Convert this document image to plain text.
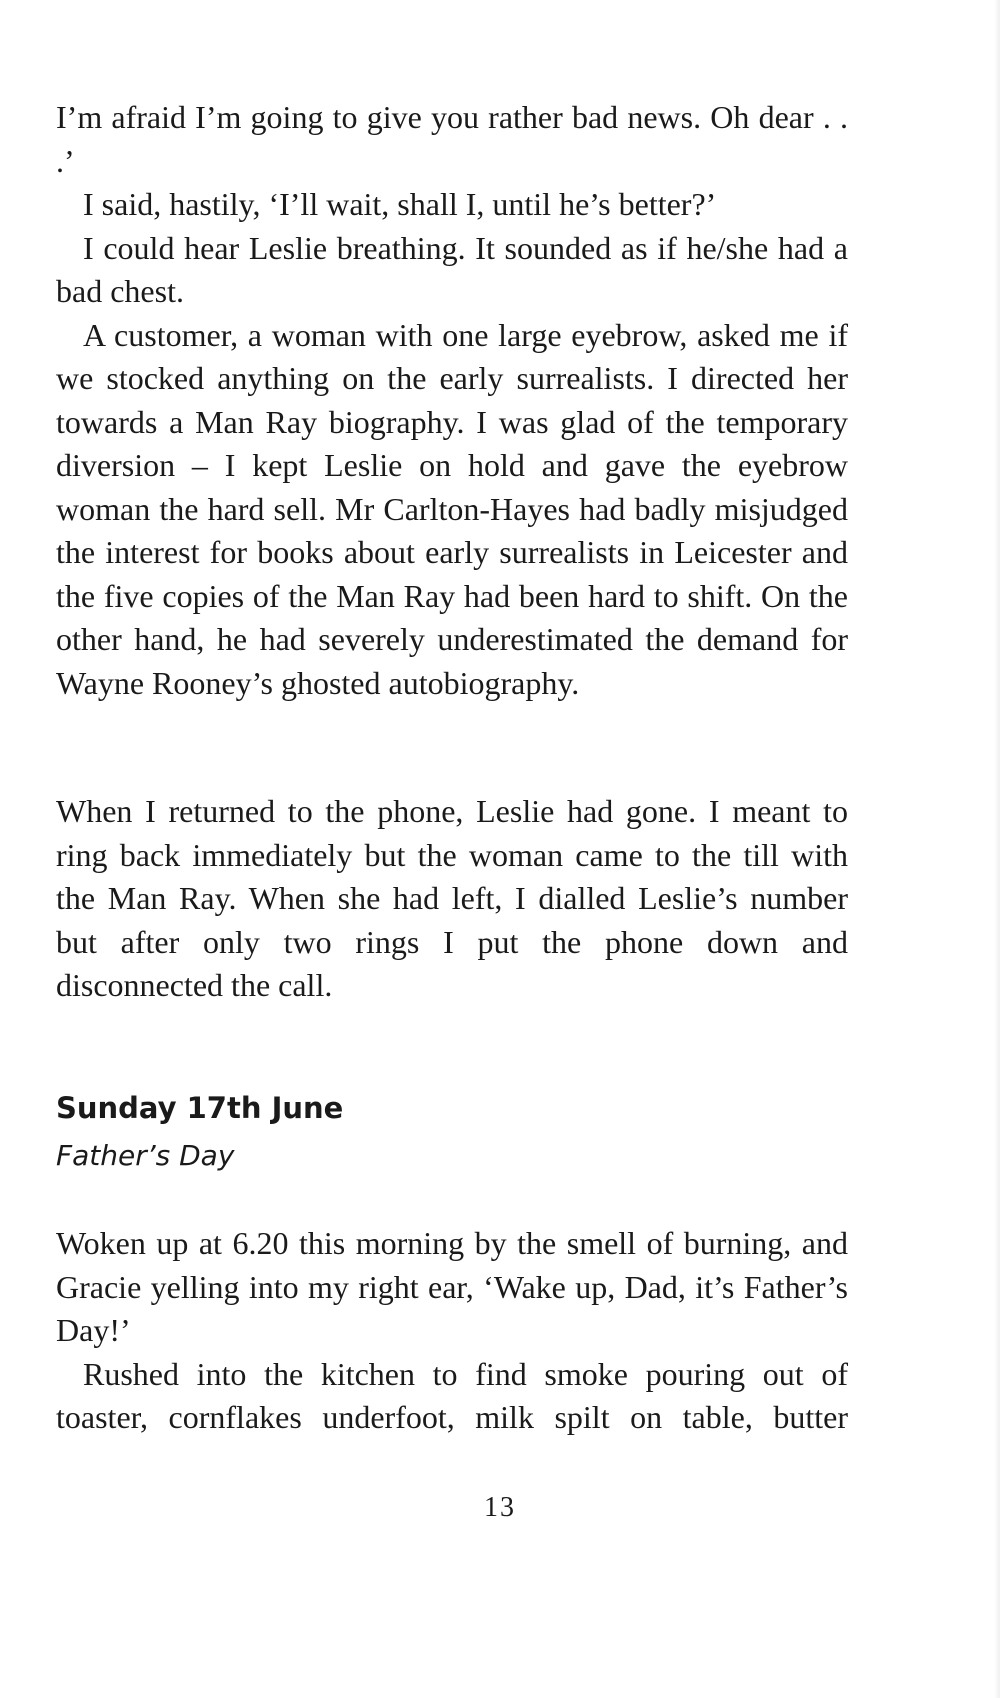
I’m afraid I’m going to give you rather bad news. Oh dear . . .’

I said, hastily, ‘I’ll wait, shall I, until he’s better?’

I could hear Leslie breathing. It sounded as if he/she had a bad chest.

A customer, a woman with one large eyebrow, asked me if we stocked anything on the early surrealists. I directed her towards a Man Ray biography. I was glad of the temporary diversion – I kept Leslie on hold and gave the eyebrow woman the hard sell. Mr Carlton-Hayes had badly misjudged the interest for books about early surrealists in Leicester and the five copies of the Man Ray had been hard to shift. On the other hand, he had severely underestimated the demand for Wayne Rooney’s ghosted autobiography.

When I returned to the phone, Leslie had gone. I meant to ring back immediately but the woman came to the till with the Man Ray. When she had left, I dialled Leslie’s number but after only two rings I put the phone down and disconnected the call.

Sunday 17th June
Father’s Day

Woken up at 6.20 this morning by the smell of burning, and Gracie yelling into my right ear, ‘Wake up, Dad, it’s Father’s Day!’

Rushed into the kitchen to find smoke pouring out of toaster, cornflakes underfoot, milk spilt on table, butter

13
